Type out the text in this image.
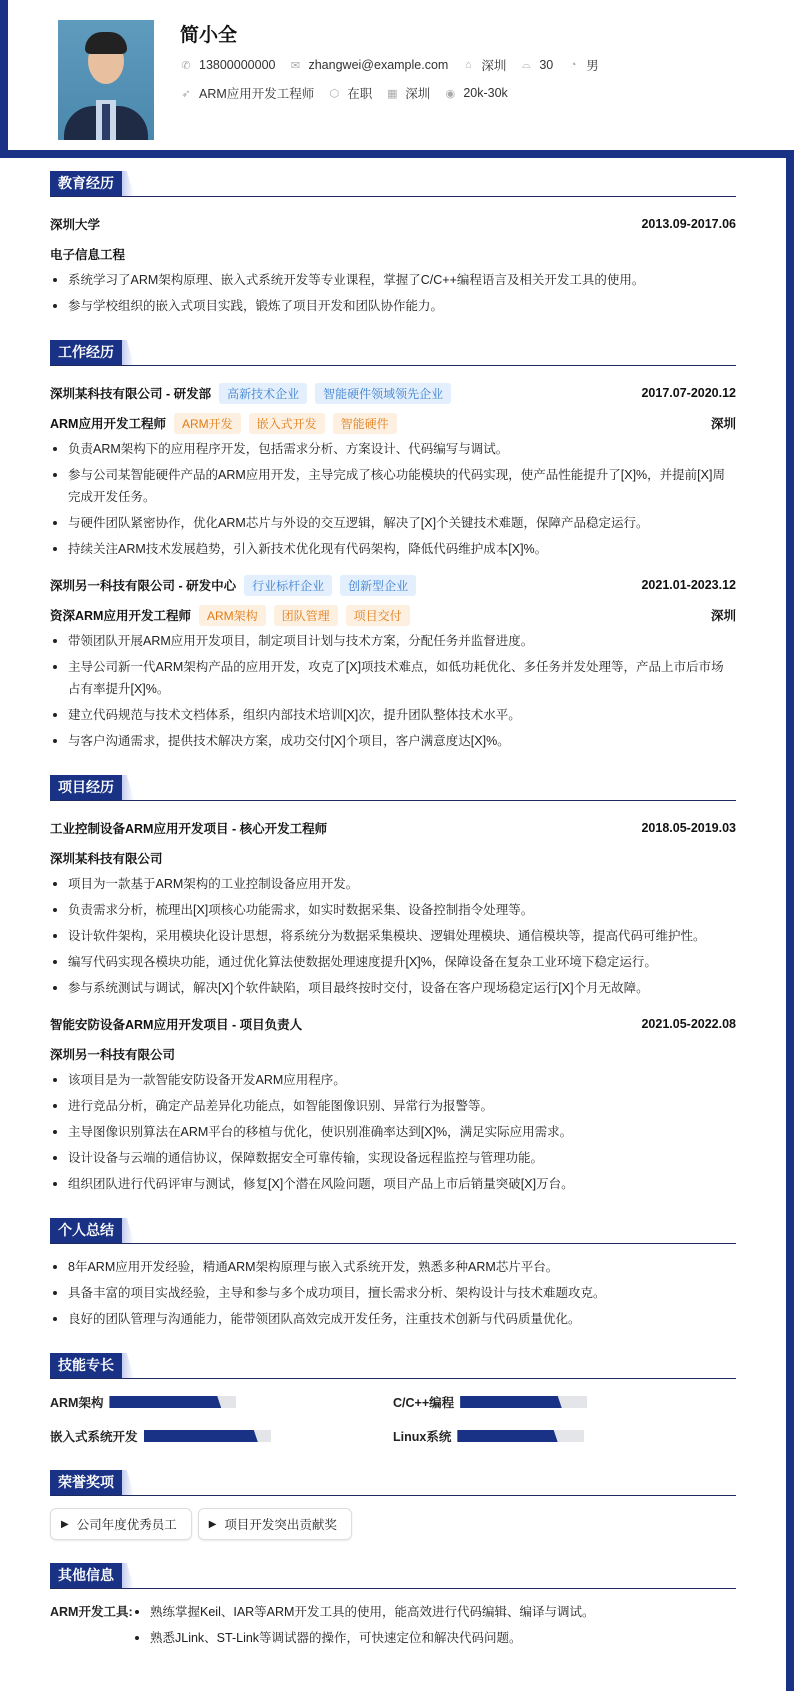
简小全
✆ 13800000000 ✉ zhangwei@example.com ⌂ 深圳 ⌓ 30 ◔ 男
➶ ARM应用开发工程师 ⬡ 在职 ▦ 深圳 ◉ 20k-30k
教育经历
深圳大学	2013.09-2017.06
电子信息工程
系统学习了ARM架构原理、嵌入式系统开发等专业课程，掌握了C/C++编程语言及相关开发工具的使用。
参与学校组织的嵌入式项目实践，锻炼了项目开发和团队协作能力。
工作经历
深圳某科技有限公司 - 研发部	高新技术企业	智能硬件领域领先企业	2017.07-2020.12
ARM应用开发工程师	ARM开发	嵌入式开发	智能硬件	深圳
负责ARM架构下的应用程序开发，包括需求分析、方案设计、代码编写与调试。
参与公司某智能硬件产品的ARM应用开发，主导完成了核心功能模块的代码实现，使产品性能提升了[X]%，并提前[X]周完成开发任务。
与硬件团队紧密协作，优化ARM芯片与外设的交互逻辑，解决了[X]个关键技术难题，保障产品稳定运行。
持续关注ARM技术发展趋势，引入新技术优化现有代码架构，降低代码维护成本[X]%。
深圳另一科技有限公司 - 研发中心	行业标杆企业	创新型企业	2021.01-2023.12
资深ARM应用开发工程师	ARM架构	团队管理	项目交付	深圳
带领团队开展ARM应用开发项目，制定项目计划与技术方案，分配任务并监督进度。
主导公司新一代ARM架构产品的应用开发，攻克了[X]项技术难点，如低功耗优化、多任务并发处理等，产品上市后市场占有率提升[X]%。
建立代码规范与技术文档体系，组织内部技术培训[X]次，提升团队整体技术水平。
与客户沟通需求，提供技术解决方案，成功交付[X]个项目，客户满意度达[X]%。
项目经历
工业控制设备ARM应用开发项目 - 核心开发工程师	2018.05-2019.03
深圳某科技有限公司
项目为一款基于ARM架构的工业控制设备应用开发。
负责需求分析，梳理出[X]项核心功能需求，如实时数据采集、设备控制指令处理等。
设计软件架构，采用模块化设计思想，将系统分为数据采集模块、逻辑处理模块、通信模块等，提高代码可维护性。
编写代码实现各模块功能，通过优化算法使数据处理速度提升[X]%，保障设备在复杂工业环境下稳定运行。
参与系统测试与调试，解决[X]个软件缺陷，项目最终按时交付，设备在客户现场稳定运行[X]个月无故障。
智能安防设备ARM应用开发项目 - 项目负责人	2021.05-2022.08
深圳另一科技有限公司
该项目是为一款智能安防设备开发ARM应用程序。
进行竞品分析，确定产品差异化功能点，如智能图像识别、异常行为报警等。
主导图像识别算法在ARM平台的移植与优化，使识别准确率达到[X]%，满足实际应用需求。
设计设备与云端的通信协议，保障数据安全可靠传输，实现设备远程监控与管理功能。
组织团队进行代码评审与测试，修复[X]个潜在风险问题，项目产品上市后销量突破[X]万台。
个人总结
8年ARM应用开发经验，精通ARM架构原理与嵌入式系统开发，熟悉多种ARM芯片平台。
具备丰富的项目实战经验，主导和参与多个成功项目，擅长需求分析、架构设计与技术难题攻克。
良好的团队管理与沟通能力，能带领团队高效完成开发任务，注重技术创新与代码质量优化。
技能专长
ARM架构	C/C++编程
嵌入式系统开发	Linux系统
荣誉奖项
▶ 公司年度优秀员工	▶ 项目开发突出贡献奖
其他信息
ARM开发工具:	熟练掌握Keil、IAR等ARM开发工具的使用，能高效进行代码编辑、编译与调试。
熟悉JLink、ST-Link等调试器的操作，可快速定位和解决代码问题。
